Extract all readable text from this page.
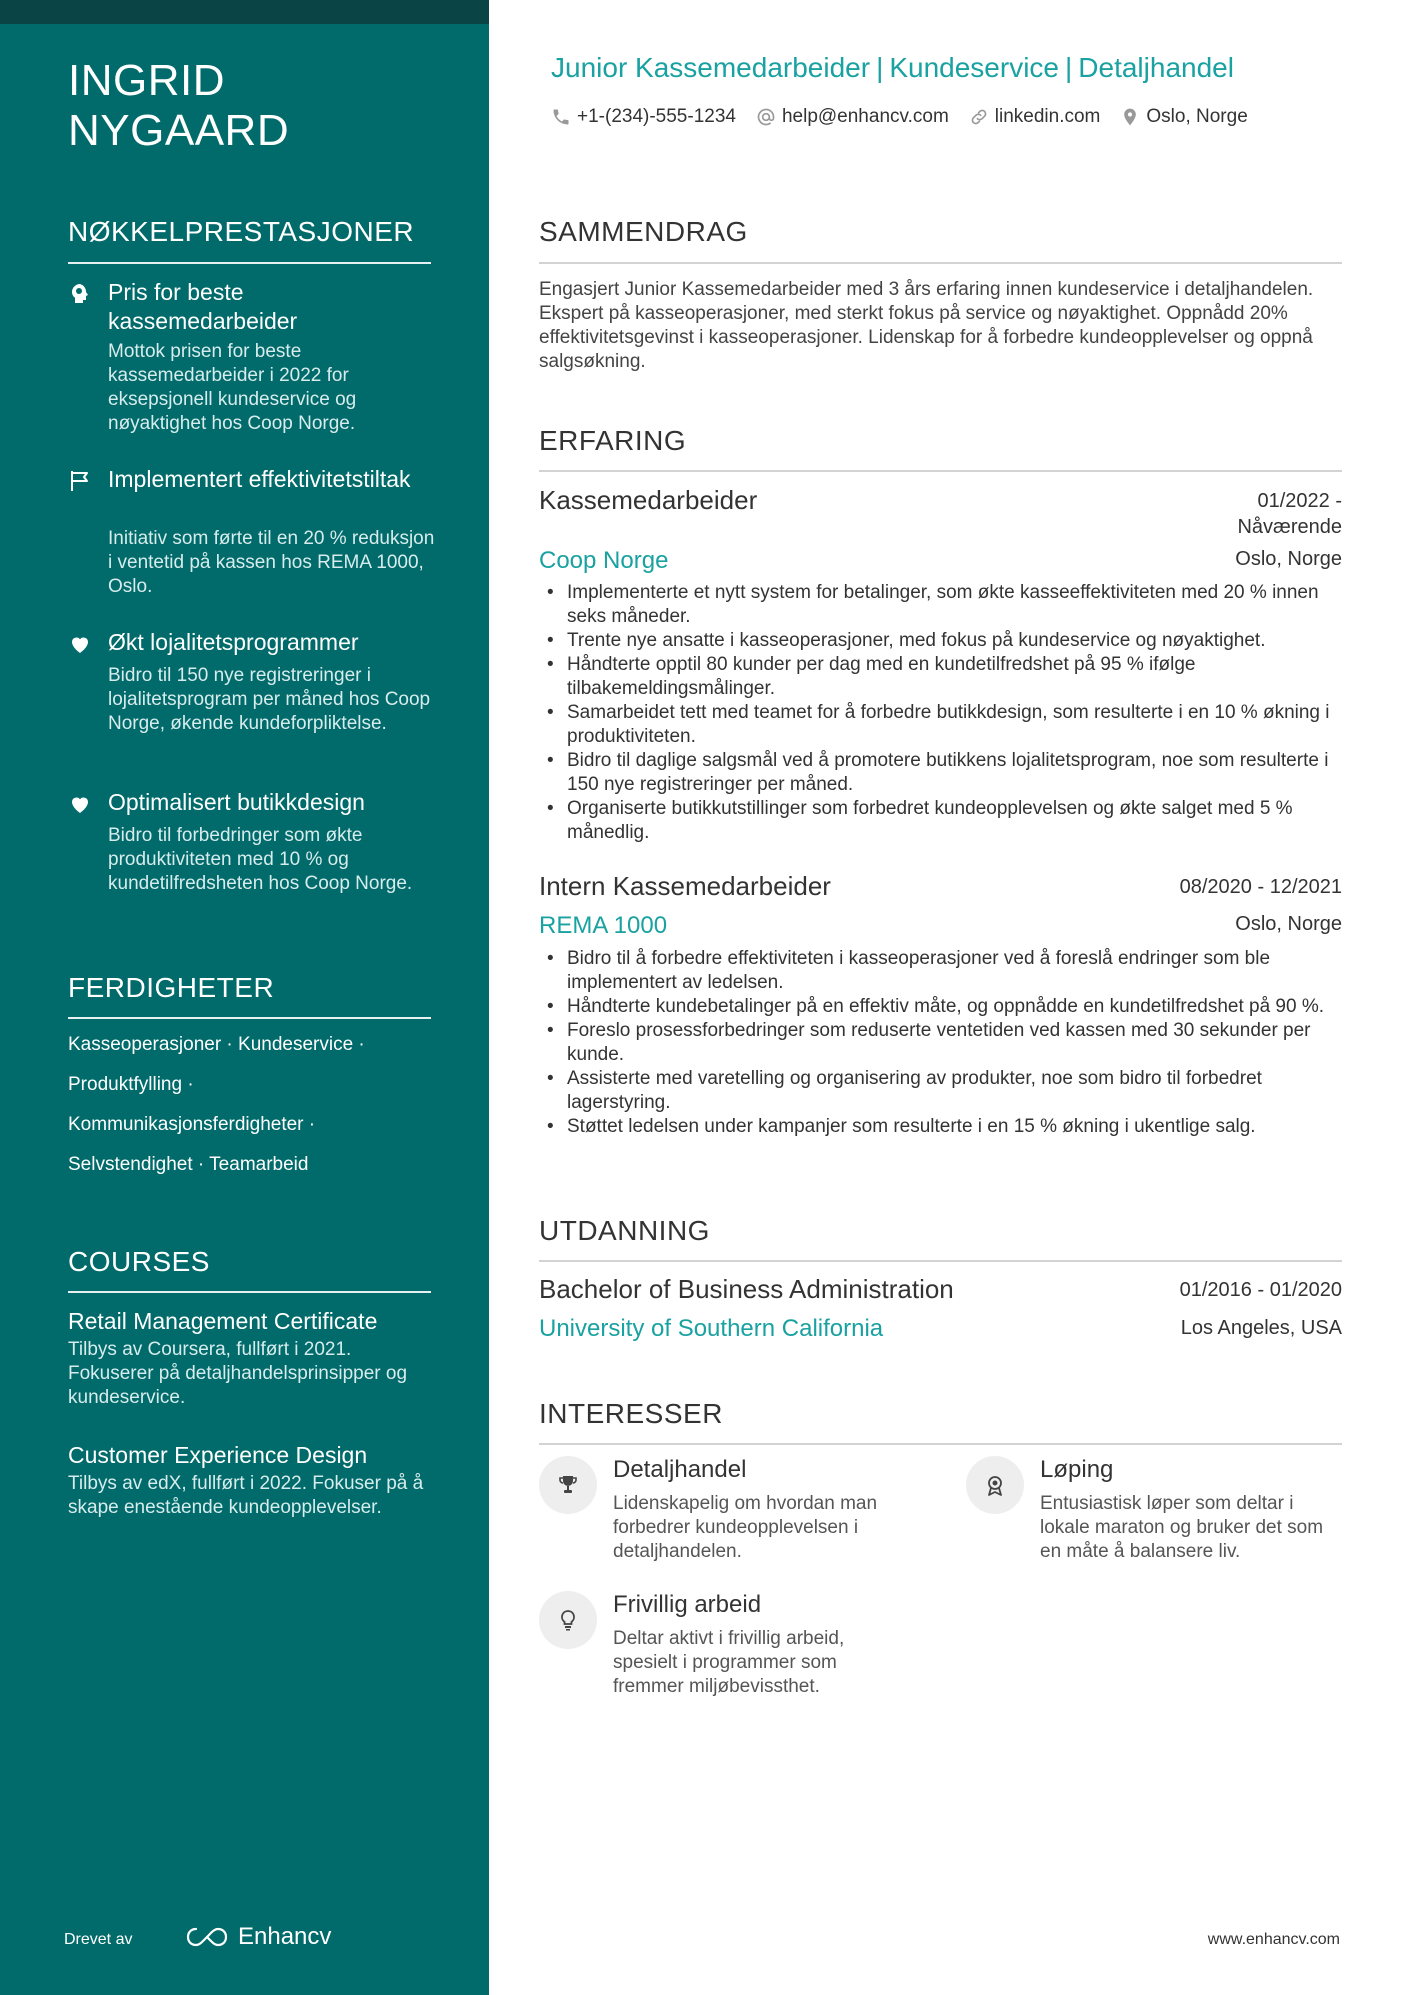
INGRID
NYGAARD
NØKKELPRESTASJONER
Pris for beste kassemedarbeider
Mottok prisen for beste kassemedarbeider i 2022 for eksepsjonell kundeservice og nøyaktighet hos Coop Norge.
Implementert effektivitetstiltak
Initiativ som førte til en 20 % reduksjon i ventetid på kassen hos REMA 1000, Oslo.
Økt lojalitetsprogrammer
Bidro til 150 nye registreringer i lojalitetsprogram per måned hos Coop Norge, økende kundeforpliktelse.
Optimalisert butikkdesign
Bidro til forbedringer som økte produktiviteten med 10 % og kundetilfredsheten hos Coop Norge.
FERDIGHETER
Kasseoperasjoner · Kundeservice ·
Produktfylling ·
Kommunikasjonsferdigheter ·
Selvstendighet · Teamarbeid
COURSES
Retail Management Certificate
Tilbys av Coursera, fullført i 2021. Fokuserer på detaljhandelsprinsipper og kundeservice.
Customer Experience Design
Tilbys av edX, fullført i 2022. Fokuser på å skape enestående kundeopplevelser.
Drevet av	Enhancv
Junior Kassemedarbeider | Kundeservice | Detaljhandel
+1-(234)-555-1234 help@enhancv.com linkedin.com Oslo, Norge
SAMMENDRAG
Engasjert Junior Kassemedarbeider med 3 års erfaring innen kundeservice i detaljhandelen. Ekspert på kasseoperasjoner, med sterkt fokus på service og nøyaktighet. Oppnådd 20% effektivitetsgevinst i kasseoperasjoner. Lidenskap for å forbedre kundeopplevelser og oppnå salgsøkning.
ERFARING
Kassemedarbeider	01/2022 -
Nåværende
Coop Norge	Oslo, Norge
• Implementerte et nytt system for betalinger, som økte kasseeffektiviteten med 20 % innen seks måneder.
• Trente nye ansatte i kasseoperasjoner, med fokus på kundeservice og nøyaktighet.
• Håndterte opptil 80 kunder per dag med en kundetilfredshet på 95 % ifølge tilbakemeldingsmålinger.
• Samarbeidet tett med teamet for å forbedre butikkdesign, som resulterte i en 10 % økning i produktiviteten.
• Bidro til daglige salgsmål ved å promotere butikkens lojalitetsprogram, noe som resulterte i 150 nye registreringer per måned.
• Organiserte butikkutstillinger som forbedret kundeopplevelsen og økte salget med 5 % månedlig.
Intern Kassemedarbeider	08/2020 - 12/2021
REMA 1000	Oslo, Norge
• Bidro til å forbedre effektiviteten i kasseoperasjoner ved å foreslå endringer som ble implementert av ledelsen.
• Håndterte kundebetalinger på en effektiv måte, og oppnådde en kundetilfredshet på 90 %.
• Foreslo prosessforbedringer som reduserte ventetiden ved kassen med 30 sekunder per kunde.
• Assisterte med varetelling og organisering av produkter, noe som bidro til forbedret lagerstyring.
• Støttet ledelsen under kampanjer som resulterte i en 15 % økning i ukentlige salg.
UTDANNING
Bachelor of Business Administration	01/2016 - 01/2020
University of Southern California	Los Angeles, USA
INTERESSER
Detaljhandel
Lidenskapelig om hvordan man forbedrer kundeopplevelsen i detaljhandelen.
Løping
Entusiastisk løper som deltar i lokale maraton og bruker det som en måte å balansere liv.
Frivillig arbeid
Deltar aktivt i frivillig arbeid, spesielt i programmer som fremmer miljøbevissthet.
www.enhancv.com
